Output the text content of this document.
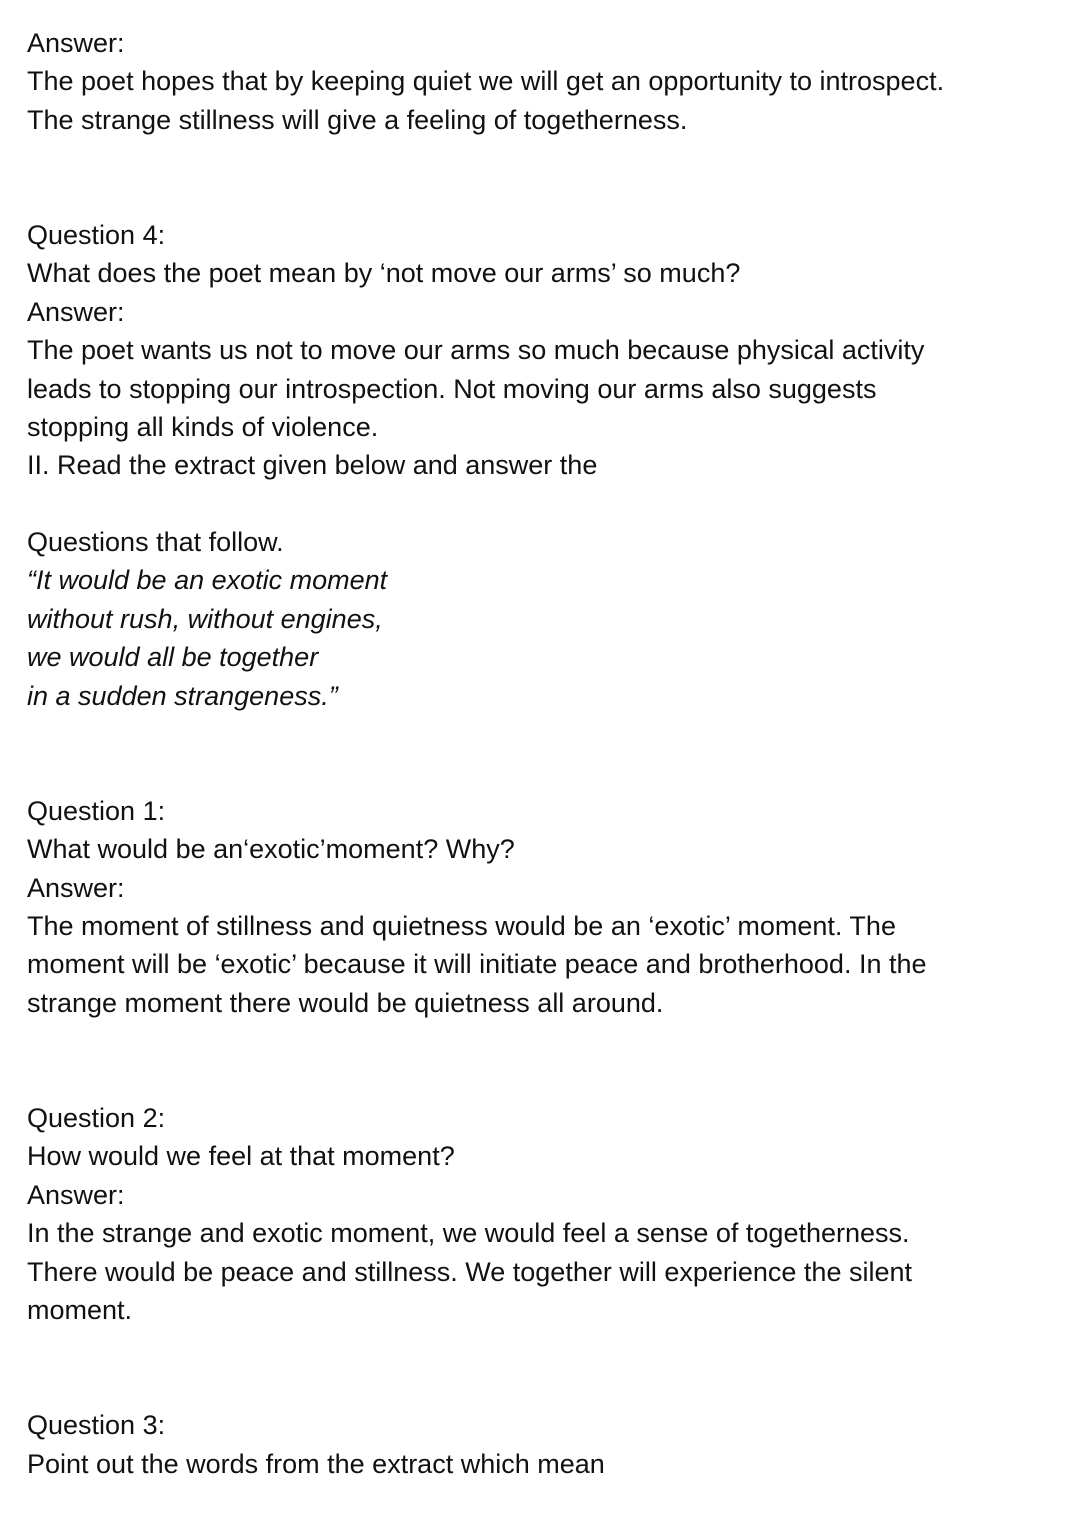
Answer:
The poet hopes that by keeping quiet we will get an opportunity to introspect.
The strange stillness will give a feeling of togetherness.
Question 4:
What does the poet mean by ‘not move our arms’ so much?
Answer:
The poet wants us not to move our arms so much because physical activity
leads to stopping our introspection. Not moving our arms also suggests
stopping all kinds of violence.
II. Read the extract given below and answer the
Questions that follow.
“It would be an exotic moment
without rush, without engines,
we would all be together
in a sudden strangeness.”
Question 1:
What would be an‘exotic’moment? Why?
Answer:
The moment of stillness and quietness would be an ‘exotic’ moment. The
moment will be ‘exotic’ because it will initiate peace and brotherhood. In the
strange moment there would be quietness all around.
Question 2:
How would we feel at that moment?
Answer:
In the strange and exotic moment, we would feel a sense of togetherness.
There would be peace and stillness. We together will experience the silent
moment.
Question 3:
Point out the words from the extract which mean
